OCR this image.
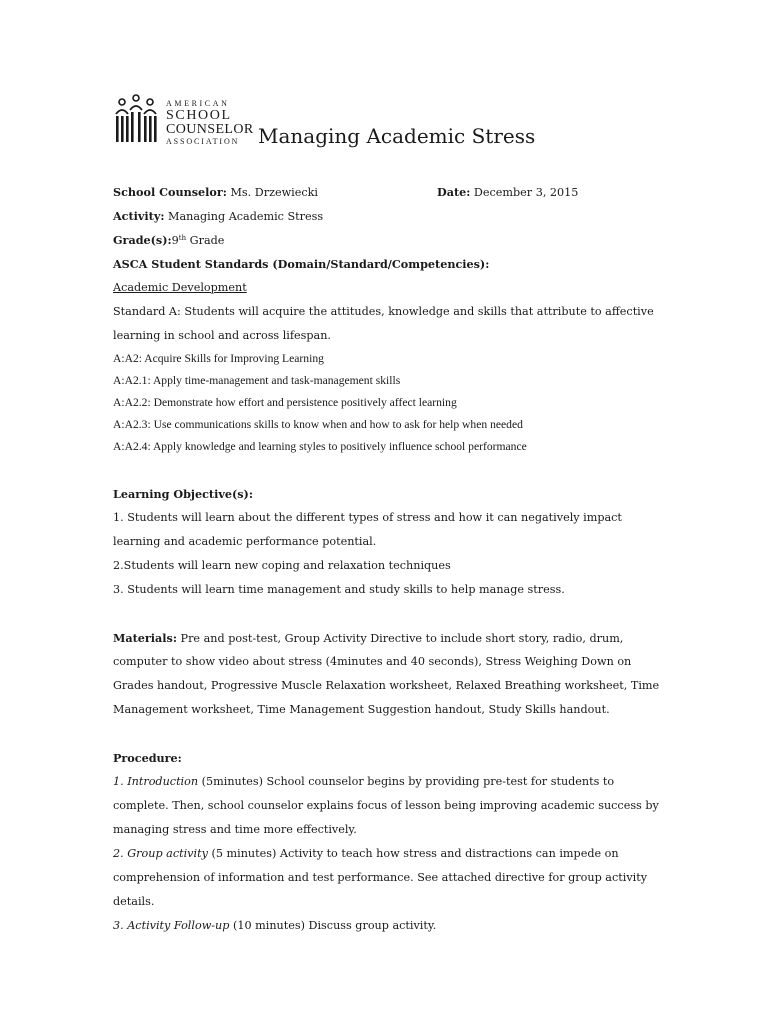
AMERICAN
SCHOOL
COUNSELOR
ASSOCIATION Managing Academic Stress
School Counselor: Ms. Drzewiecki	Date: December 3, 2015
Activity: Managing Academic Stress
Grade(s):9th Grade
ASCA Student Standards (Domain/Standard/Competencies):
Academic Development
Standard A: Students will acquire the attitudes, knowledge and skills that attribute to affective
learning in school and across lifespan.
A:A2: Acquire Skills for Improving Learning
A:A2.1: Apply time-management and task-management skills
A:A2.2: Demonstrate how effort and persistence positively affect learning
A:A2.3: Use communications skills to know when and how to ask for help when needed
A:A2.4: Apply knowledge and learning styles to positively influence school performance
Learning Objective(s):
1. Students will learn about the different types of stress and how it can negatively impact
learning and academic performance potential.
2.Students will learn new coping and relaxation techniques
3. Students will learn time management and study skills to help manage stress.
Materials: Pre and post-test, Group Activity Directive to include short story, radio, drum,
computer to show video about stress (4minutes and 40 seconds), Stress Weighing Down on
Grades handout, Progressive Muscle Relaxation worksheet, Relaxed Breathing worksheet, Time
Management worksheet, Time Management Suggestion handout, Study Skills handout.
Procedure:
1. Introduction (5minutes) School counselor begins by providing pre-test for students to
complete. Then, school counselor explains focus of lesson being improving academic success by
managing stress and time more effectively.
2. Group activity (5 minutes) Activity to teach how stress and distractions can impede on
comprehension of information and test performance. See attached directive for group activity
details.
3. Activity Follow-up (10 minutes) Discuss group activity.
